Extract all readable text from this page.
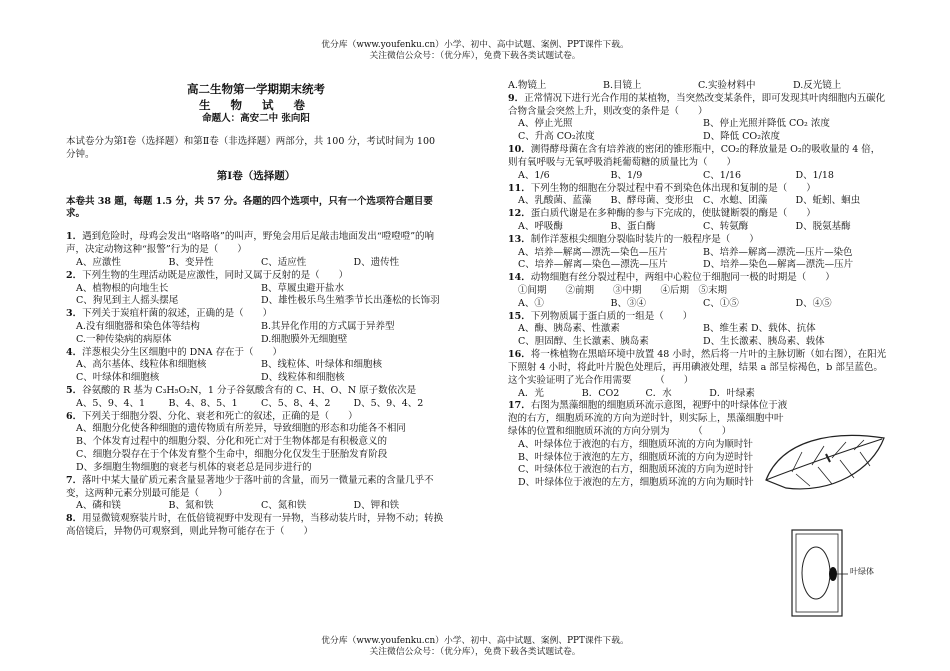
优分库（www.youfenku.cn）小学、初中、高中试题、案例、PPT课件下载。
关注微信公众号：（优分库），免费下载各类试题试卷。
高二生物第一学期期末统考
生 物 试 卷
命题人：高安二中 张向阳
本试卷分为第Ⅰ卷（选择题）和第Ⅱ卷（非选择题）两部分，共 100 分，考试时间为 100 分钟。
第Ⅰ卷（选择题）
本卷共 38 题，每题 1.5 分，共 57 分。各题的四个选项中，只有一个选项符合题目要求。
1．遇到危险时，母鸡会发出“咯咯咯”的叫声，野兔会用后足敲击地面发出“噔噔噔”的响声，决定动物这种“报警”行为的是（　　）
A、应激性	B、变异性	C、适应性	D、遗传性
2．下列生物的生理活动既是应激性，同时又属于反射的是（　　）
A、植物根的向地生长	B、草履虫避开盐水
C、狗见到主人摇头摆尾	D、雄性极乐鸟生殖季节长出蓬松的长饰羽
3．下列关于炭疽杆菌的叙述，正确的是（　　）
A.没有细胞器和染色体等结构	B.其异化作用的方式属于异养型
C.一种传染病的病原体	D.细胞膜外无细胞壁
4．洋葱根尖分生区细胞中的 DNA 存在于（　　）
A、高尔基体、线粒体和细胞核	B、线粒体、叶绿体和细胞核
C、叶绿体和细胞核	D、线粒体和细胞核
5．谷氨酸的 R 基为 C₃H₅O₂N，1 分子谷氨酸含有的 C、H、O、N 原子数依次是
A、5、9、4、1	B、4、8、5、1	C、5、8、4、2	D、5、9、4、2
6．下列关于细胞分裂、分化、衰老和死亡的叙述，正确的是（　　）
A、细胞分化使各种细胞的遗传物质有所差异，导致细胞的形态和功能各不相同
B、个体发育过程中的细胞分裂、分化和死亡对于生物体都是有积极意义的
C、细胞分裂存在于个体发育整个生命中，细胞分化仅发生于胚胎发育阶段
D、多细胞生物细胞的衰老与机体的衰老总是同步进行的
7．落叶中某大量矿质元素含量显著地少于落叶前的含量，而另一微量元素的含量几乎不变，这两种元素分别最可能是（　　）
A、磷和镁	B、氮和铁	C、氮和铁	D、钾和铁
8．用显微镜观察装片时，在低倍镜视野中发现有一异物，当移动装片时，异物不动；转换高倍镜后，异物仍可观察到，则此异物可能存在于（　　）
A.物镜上	B.目镜上	C.实验材料中	D.反光镜上
9．正常情况下进行光合作用的某植物，当突然改变某条件，即可发现其叶肉细胞内五碳化合物含量会突然上升，则改变的条件是（　　）
A、停止光照	B、停止光照并降低 CO₂ 浓度
C、升高 CO₂浓度	D、降低 CO₂浓度
10．测得酵母菌在含有培养液的密闭的锥形瓶中，CO₂的释放量是 O₂的吸收量的 4 倍，则有氧呼吸与无氧呼吸消耗葡萄糖的质量比为（　　）
A、1/6	B、1/9	C、1/16	D、1/18
11．下列生物的细胞在分裂过程中看不到染色体出现和复制的是（　　）
A、乳酸菌、蓝藻	B、酵母菌、变形虫	C、水螅、团藻	D、蚯蚓、蛔虫
12．蛋白质代谢是在多种酶的参与下完成的，使肽键断裂的酶是（　　）
A、呼吸酶	B、蛋白酶	C、转氨酶	D、脱氨基酶
13．制作洋葱根尖细胞分裂临时装片的一般程序是（　　）
A、培养—解离—漂洗—染色—压片	B、培养—解离—漂洗—压片—染色
C、培养—解离—染色—漂洗—压片	D、培养—染色—解离—漂洗—压片
14．动物细胞有丝分裂过程中，两组中心粒位于细胞同一极的时期是（　　）
①间期　　②前期　　③中期　　④后期　⑤末期
A、①	B、③④	C、①⑤	D、④⑤
15．下列物质属于蛋白质的一组是（　　）
A、酶、胰岛素、性激素	B、维生素 D、载体、抗体
C、胆固醇、生长激素、胰岛素	D、生长激素、胰岛素、载体
16．将一株植物在黑暗环境中放置 48 小时，然后将一片叶的主脉切断（如右图），在阳光下照射 4 小时，将此叶片脱色处理后，再用碘液处理，结果 a 部呈棕褐色，b 部呈蓝色。这个实验证明了光合作用需要　　　（　　）
A．光	B．CO2	C．水	D．叶绿素
17．右图为黑藻细胞的细胞质环流示意图，视野中的叶绿体位于液泡的右方，细胞质环流的方向为逆时针，则实际上，黑藻细胞中叶绿体的位置和细胞质环流的方向分别为　　　（　　）
A、叶绿体位于液泡的右方，细胞质环流的方向为顺时针
B、叶绿体位于液泡的左方，细胞质环流的方向为逆时针
C、叶绿体位于液泡的右方，细胞质环流的方向为逆时针
D、叶绿体位于液泡的左方，细胞质环流的方向为顺时针
叶绿体
优分库（www.youfenku.cn）小学、初中、高中试题、案例、PPT课件下载。
关注微信公众号：（优分库），免费下载各类试题试卷。
